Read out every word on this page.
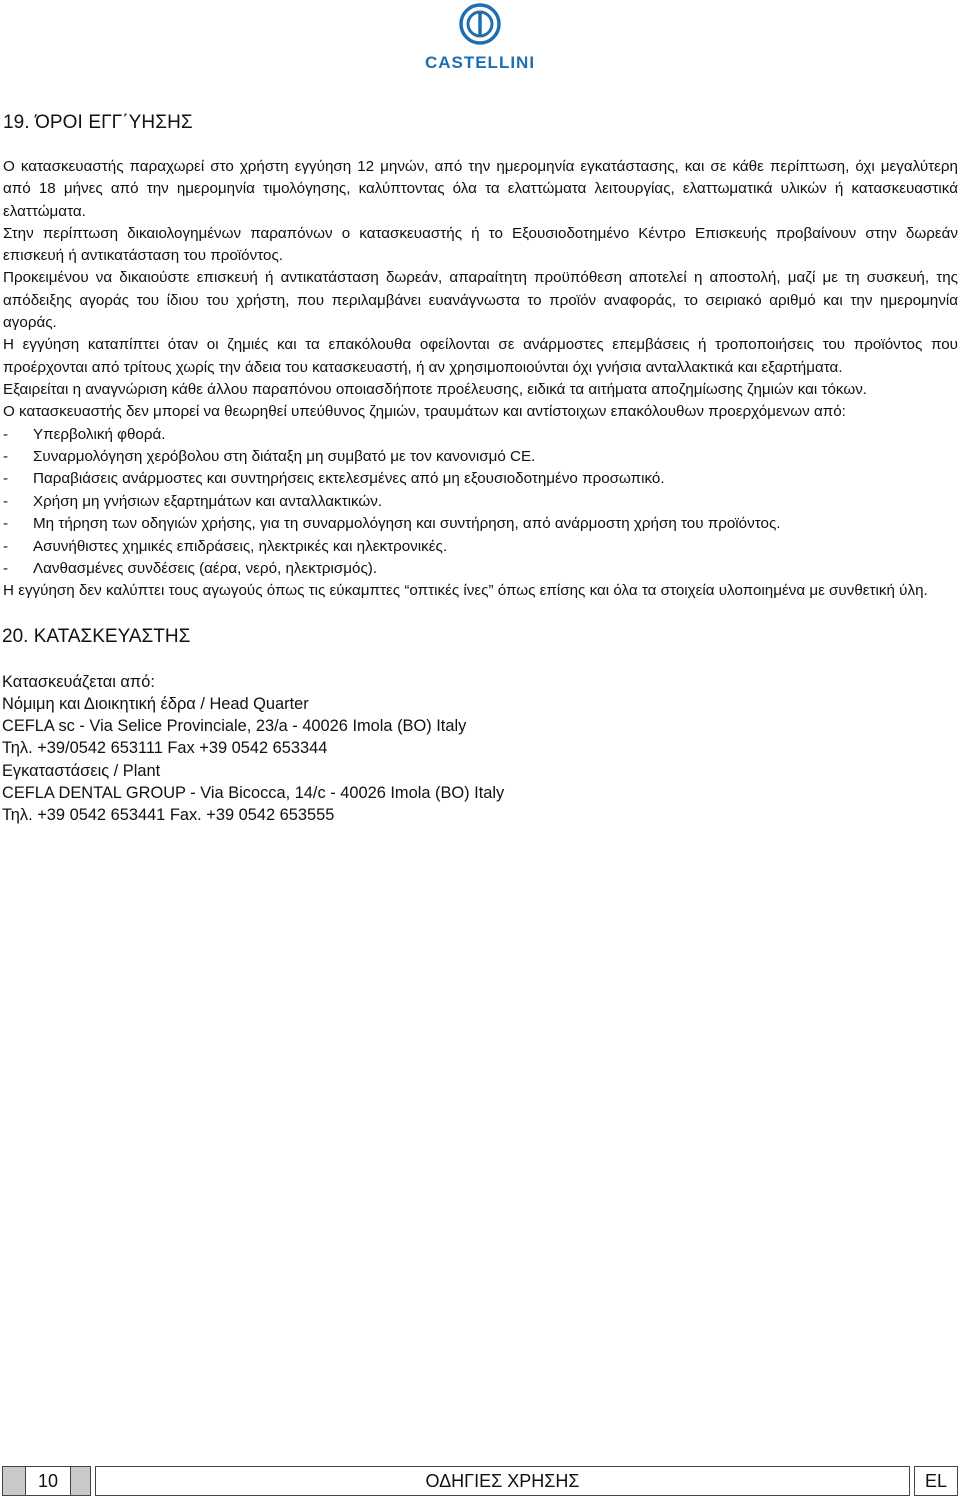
CASTELLINI
19. ΌΡΟΙ ΕΓΓ΄ΥΗΣΗΣ
Ο κατασκευαστής παραχωρεί στο χρήστη εγγύηση 12 μηνών, από την ημερομηνία εγκατάστασης, και σε κάθε περίπτωση, όχι μεγαλύτερη από 18 μήνες από την ημερομηνία τιμολόγησης, καλύπτοντας όλα τα ελαττώματα λειτουργίας, ελαττωματικά υλικών ή κατασκευαστικά ελαττώματα.
Στην περίπτωση δικαιολογημένων παραπόνων ο κατασκευαστής ή το Εξουσιοδοτημένο Κέντρο Επισκευής προβαίνουν στην δωρεάν επισκευή ή αντικατάσταση του προϊόντος.
Προκειμένου να δικαιούστε επισκευή ή αντικατάσταση δωρεάν, απαραίτητη προϋπόθεση αποτελεί η αποστολή, μαζί με τη συσκευή, της απόδειξης αγοράς του ίδιου του χρήστη, που περιλαμβάνει ευανάγνωστα το προϊόν αναφοράς, το σειριακό αριθμό και την ημερομηνία αγοράς.
Η εγγύηση καταπίπτει όταν οι ζημιές και τα επακόλουθα οφείλονται σε ανάρμοστες επεμβάσεις ή τροποποιήσεις του προϊόντος που προέρχονται από τρίτους χωρίς την άδεια του κατασκευαστή, ή αν χρησιμοποιούνται όχι γνήσια ανταλλακτικά και εξαρτήματα.
Εξαιρείται η αναγνώριση κάθε άλλου παραπόνου οποιασδήποτε προέλευσης, ειδικά τα αιτήματα αποζημίωσης ζημιών και τόκων.
Ο κατασκευαστής δεν μπορεί να θεωρηθεί υπεύθυνος ζημιών, τραυμάτων και αντίστοιχων επακόλουθων προερχόμενων από:
- Υπερβολική φθορά.
- Συναρμολόγηση χερόβολου στη διάταξη μη συμβατό με τον κανονισμό CE.
- Παραβιάσεις ανάρμοστες και συντηρήσεις εκτελεσμένες από μη εξουσιοδοτημένο προσωπικό.
- Χρήση μη γνήσιων εξαρτημάτων και ανταλλακτικών.
- Μη τήρηση των οδηγιών χρήσης, για τη συναρμολόγηση και συντήρηση, από ανάρμοστη χρήση του προϊόντος.
- Ασυνήθιστες χημικές επιδράσεις, ηλεκτρικές και ηλεκτρονικές.
- Λανθασμένες συνδέσεις (αέρα, νερό, ηλεκτρισμός).
Η εγγύηση δεν καλύπτει τους αγωγούς όπως τις εύκαμπτες “οπτικές ίνες” όπως επίσης και όλα τα στοιχεία υλοποιημένα με συνθετική ύλη.
20. ΚΑΤΑΣΚΕΥΑΣΤΗΣ
Κατασκευάζεται από:
Νόμιμη και Διοικητική έδρα / Head Quarter
CEFLA sc - Via Selice Provinciale, 23/a - 40026 Imola (BO) Italy
Τηλ. +39/0542 653111 Fax +39 0542 653344
Εγκαταστάσεις / Plant
CEFLA DENTAL GROUP - Via Bicocca, 14/c - 40026 Imola (BO) Italy
Τηλ. +39 0542 653441 Fax. +39 0542 653555
10	ΟΔΗΓΙΕΣ ΧΡΗΣΗΣ	EL
